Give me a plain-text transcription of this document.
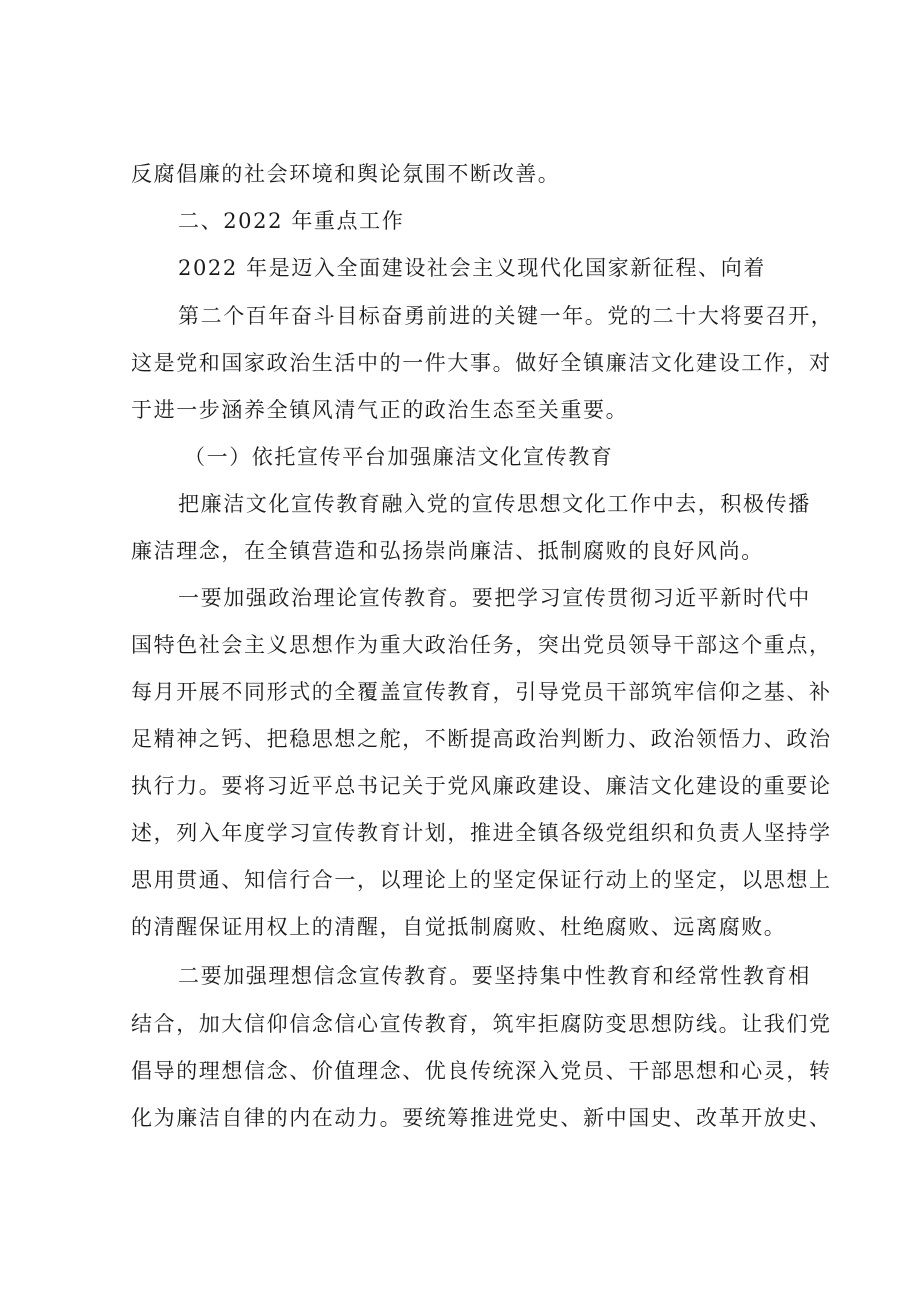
反腐倡廉的社会环境和舆论氛围不断改善。
二、2022 年重点工作
2022 年是迈入全面建设社会主义现代化国家新征程、向着
第二个百年奋斗目标奋勇前进的关键一年。党的二十大将要召开，
这是党和国家政治生活中的一件大事。做好全镇廉洁文化建设工作，对
于进一步涵养全镇风清气正的政治生态至关重要。
（一）依托宣传平台加强廉洁文化宣传教育
把廉洁文化宣传教育融入党的宣传思想文化工作中去，积极传播
廉洁理念，在全镇营造和弘扬崇尚廉洁、抵制腐败的良好风尚。
一要加强政治理论宣传教育。要把学习宣传贯彻习近平新时代中
国特色社会主义思想作为重大政治任务，突出党员领导干部这个重点，
每月开展不同形式的全覆盖宣传教育，引导党员干部筑牢信仰之基、补
足精神之钙、把稳思想之舵，不断提高政治判断力、政治领悟力、政治
执行力。要将习近平总书记关于党风廉政建设、廉洁文化建设的重要论
述，列入年度学习宣传教育计划，推进全镇各级党组织和负责人坚持学
思用贯通、知信行合一，以理论上的坚定保证行动上的坚定，以思想上
的清醒保证用权上的清醒，自觉抵制腐败、杜绝腐败、远离腐败。
二要加强理想信念宣传教育。要坚持集中性教育和经常性教育相
结合，加大信仰信念信心宣传教育，筑牢拒腐防变思想防线。让我们党
倡导的理想信念、价值理念、优良传统深入党员、干部思想和心灵，转
化为廉洁自律的内在动力。要统筹推进党史、新中国史、改革开放史、
